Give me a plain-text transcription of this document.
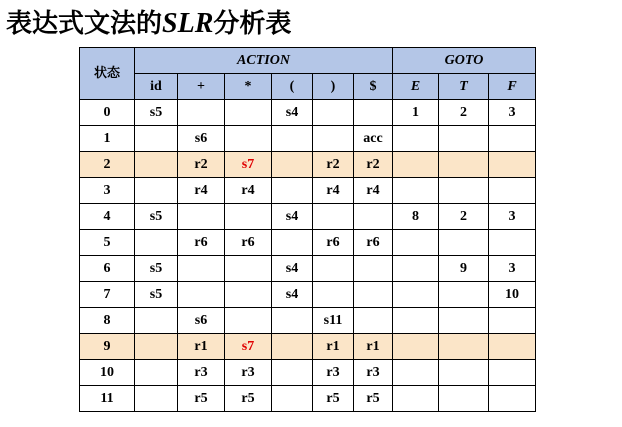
表达式文法的SLR分析表
状态	ACTION						GOTO		
	id	+	*	(	)	$	E	T	F
0	s5			s4			1	2	3
1		s6				acc			
2		r2	s7		r2	r2			
3		r4	r4		r4	r4			
4	s5			s4			8	2	3
5		r6	r6		r6	r6			
6	s5			s4				9	3
7	s5			s4					10
8		s6			s11				
9		r1	s7		r1	r1			
10		r3	r3		r3	r3			
11		r5	r5		r5	r5			
